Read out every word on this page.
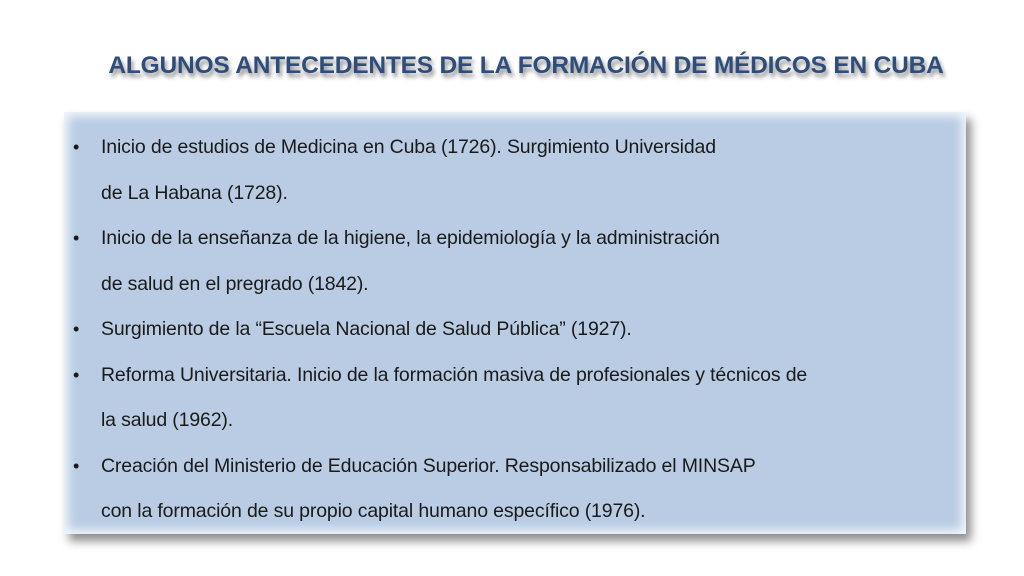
ALGUNOS ANTECEDENTES DE LA FORMACIÓN DE MÉDICOS EN CUBA
• Inicio de estudios de Medicina en Cuba (1726). Surgimiento Universidad
de La Habana (1728).
• Inicio de la enseñanza de la higiene, la epidemiología y la administración
de salud en el pregrado (1842).
• Surgimiento de la “Escuela Nacional de Salud Pública” (1927).
• Reforma Universitaria. Inicio de la formación masiva de profesionales y técnicos de
la salud (1962).
• Creación del Ministerio de Educación Superior. Responsabilizado el MINSAP
con la formación de su propio capital humano específico (1976).
